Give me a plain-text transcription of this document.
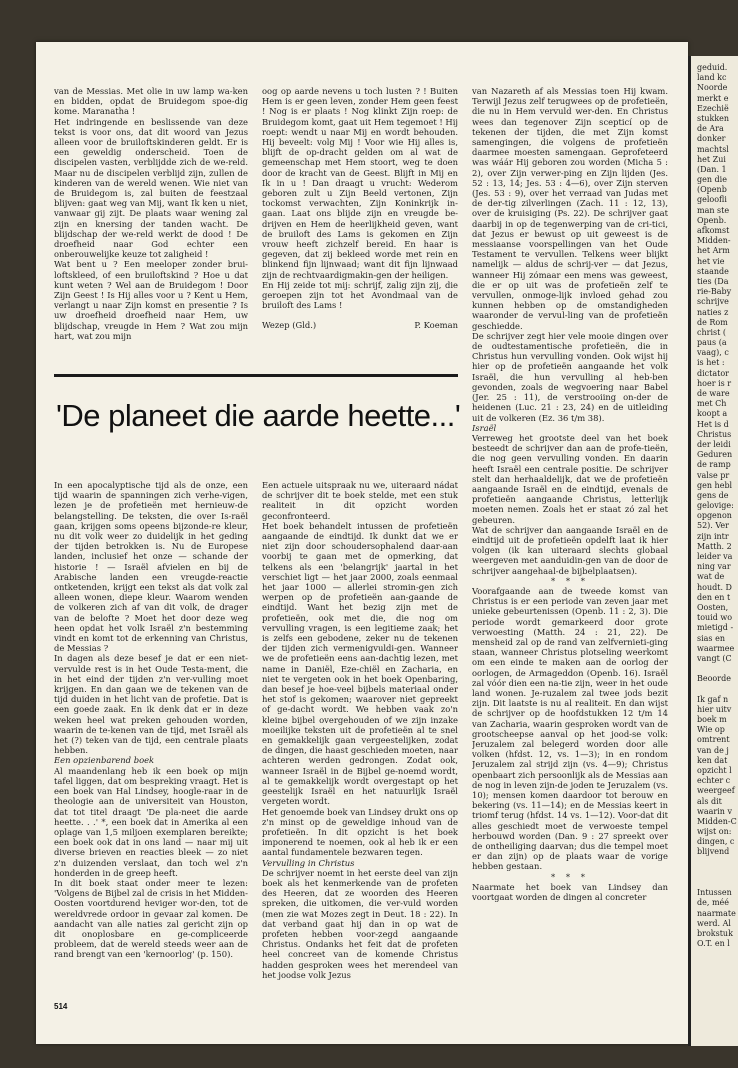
van de Messias. Met olie in uw lamp wa-ken en bidden, opdat de Bruidegom spoe-dig kome. Maranatha !

Het indringende en beslissende van deze tekst is voor ons, dat dit woord van Jezus alleen voor de bruiloftskinderen geldt. Er is een geweldig onderscheid. Toen de discipelen vasten, verblijdde zich de we-reld. Maar nu de discipelen verblijd zijn, zullen de kinderen van de wereld wenen. Wie niet van de Bruidegom is, zal buiten de feestzaal blijven: gaat weg van Mij, want Ik ken u niet, vanwaar gij zijt. De plaats waar wening zal zijn en knersing der tanden wacht. De blijdschap der we-reld werkt de dood ! De droefheid naar God echter een onberouwelijke keuze tot zaligheid !

Wat bent u ? Een meeloper zonder brui-loftskleed, of een bruiloftskind ? Hoe u dat kunt weten ? Wel aan de Bruidegom ! Door Zijn Geest ! Is Hij alles voor u ? Kent u Hem, verlangt u naar Zijn komst en presentie ? Is uw droefheid droefheid naar Hem, uw blijdschap, vreugde in Hem ? Wat zou mijn hart, wat zou mijn

oog op aarde nevens u toch lusten ? ! Buiten Hem is er geen leven, zonder Hem geen feest ! Nog is er plaats ! Nog klinkt Zijn roep: de Bruidegom komt, gaat uit Hem tegemoet ! Hij roept: wendt u naar Mij en wordt behouden. Hij beveelt: volg Mij ! Voor wie Hij alles is, blijft de op-dracht gelden om al wat de gemeenschap met Hem stoort, weg te doen door de kracht van de Geest. Blijft in Mij en Ik in u ! Dan draagt u vrucht: Wederom geboren zult u Zijn Beeld vertonen, Zijn tockomst verwachten, Zijn Koninkrijk in-gaan. Laat ons blijde zijn en vreugde be-drijven en Hem de heerlijkheid geven, want de bruiloft des Lams is gekomen en Zijn vrouw heeft zichzelf bereid. En haar is gegeven, dat zij bekleed worde met rein en blinkend fijn lijnwaad; want dit fijn lijnwaad zijn de rechtvaardigmakin-gen der heiligen.

En Hij zeide tot mij: schrijf, zalig zijn zij, die geroepen zijn tot het Avondmaal van de bruiloft des Lams !

Wezep (Gld.)	P. Koeman
'De planeet die aarde heette...'

In een apocalyptische tijd als de onze, een tijd waarin de spanningen zich verhe-vigen, lezen je de profetieën met hernieuw-de belangstelling. De teksten, die over Is-raël gaan, krijgen soms opeens bijzonde-re kleur, nu dit volk weer zo duidelijk in het geding der tijden betrokken is. Nu de Europese landen, inclusief het onze — schande der historie ! — Israël afvielen en bij de Arabische landen een vreugde-reactie ontketenden, krijgt een tekst als dat volk zal alleen wonen, diepe kleur. Waarom wenden de volkeren zich af van dit volk, de drager van de belofte ? Moet het door deze weg heen opdat het volk Israël z'n bestemming vindt en komt tot de erkenning van Christus, de Messias ?

In dagen als deze besef je dat er een niet-vervulde rest is in het Oude Testa-ment, die in het eind der tijden z'n ver-vulling moet krijgen. En dan gaan we de tekenen van de tijd duiden in het licht van de profetie. Dat is een goede zaak. En ik denk dat er in deze weken heel wat preken gehouden worden, waarin de te-kenen van de tijd, met Israël als het (?) teken van de tijd, een centrale plaats hebben.

Een opzienbarend boek

Al maandenlang heb ik een boek op mijn tafel liggen, dat om bespreking vraagt. Het is een boek van Hal Lindsey, hoogle-raar in de theologie aan de universiteit van Houston, dat tot titel draagt 'De pla-neet die aarde heette. . .' *, een boek dat in Amerika al een oplage van 1,5 miljoen exemplaren bereikte; een boek ook dat in ons land — naar mij uit diverse brieven en reacties bleek — zo niet z'n duizenden verslaat, dan toch wel z'n honderden in de greep heeft.

In dit boek staat onder meer te lezen: 'Volgens de Bijbel zal de crisis in het Midden-Oosten voortdurend heviger wor-den, tot de wereldvrede ordoor in gevaar zal komen. De aandacht van alle naties zal gericht zijn op dit onoplosbare en ge-compliceerde probleem, dat de wereld steeds weer aan de rand brengt van een 'kernoorlog' (p. 150).

Een actuele uitspraak nu we, uiteraard nádat de schrijver dit te boek stelde, met een stuk realiteit in dit opzicht worden geconfronteerd.

Het boek behandelt intussen de profetieën aangaande de eindtijd. Ik dunkt dat we er niet zijn door schoudersophalend daar-aan voorbij te gaan met de opmerking, dat telkens als een 'belangrijk' jaartal in het verschiet ligt — het jaar 2000, zoals eenmaal het jaar 1000 — allerlei stromin-gen zich werpen op de profetieën aan-gaande de eindtijd. Want het bezig zijn met de profetieën, ook met die, die nog om vervulling vragen, is een legitieme zaak; het is zelfs een gebodene, zeker nu de tekenen der tijden zich vermenigvuldi-gen. Wanneer we de profetieën eens aan-dachtig lezen, met name in Daniël, Eze-chiël en Zacharia, en niet te vergeten ook in het boek Openbaring, dan besef je hoe-veel bijbels materiaal onder het stof is gekomen; waarover niet gepreekt of ge-dacht wordt. We hebben vaak zo'n kleine bijbel overgehouden of we zijn inzake moeilijke teksten uit de profetieën al te snel en gemakkelijk gaan vergeestelijken, zodat de dingen, die haast geschieden moeten, naar achteren werden gedrongen. Zodat ook, wanneer Israël in de Bijbel ge-noemd wordt, al te gemakkelijk wordt overgestapt op het geestelijk Israël en het natuurlijk Israël vergeten wordt.

Het genoemde boek van Lindsey drukt ons op z'n minst op de geweldige inhoud van de profetieën. In dit opzicht is het boek imponerend te noemen, ook al heb ik er een aantal fundamentele bezwaren tegen.

Vervulling in Christus

De schrijver noemt in het eerste deel van zijn boek als het kenmerkende van de profeten des Heeren, dat ze woorden des Heeren spreken, die uitkomen, die ver-vuld worden (men zie wat Mozes zegt in Deut. 18 : 22). In dat verband gaat hij dan in op wat de profeten hebben voor-zegd aangaande Christus. Ondanks het feit dat de profeten heel concreet van de komende Christus hadden gesproken wees het merendeel van het joodse volk Jezus

van Nazareth af als Messias toen Hij kwam. Terwijl Jezus zelf terugwees op de profetieën, die nu in Hem vervuld wer-den. En Christus wees dan tegenover Zijn scepticí op de tekenen der tijden, die met Zijn komst samengingen, die volgens de profetieën daarmee moesten samengaan. Geprofeteerd was wáár Hij geboren zou worden (Micha 5 : 2), over Zijn verwer-ping en Zijn lijden (Jes. 52 : 13, 14; Jes. 53 : 4—6), over Zijn sterven (Jes. 53 : 9), over het verraad van Judas met de der-tig zilverlingen (Zach. 11 : 12, 13), over de kruisiging (Ps. 22). De schrijver gaat daarbij in op de tegenwerping van de cri-tici, dat Jezus er bewust op uit geweest is de messiaanse voorspellingen van het Oude Testament te vervullen. Telkens weer blijkt namelijk — aldus de schrij-ver — dat Jezus, wanneer Hij zómaar een mens was geweest, die er op uit was de profetieën zelf te vervullen, onmoge-lijk invloed gehad zou kunnen hebben op de omstandigheden waaronder de vervul-ling van de profetieën geschiedde.

De schrijver zegt hier vele mooie dingen over de oudtestamentische profetieën, die in Christus hun vervulling vonden. Ook wijst hij hier op de profetieën aangaande het volk Israël, die hun vervulling al heb-ben gevonden, zoals de wegvoering naar Babel (Jer. 25 : 11), de verstrooiing on-der de heidenen (Luc. 21 : 23, 24) en de uitleiding uit de volkeren (Ez. 36 t/m 38).

Israël

Verreweg het grootste deel van het boek besteedt de schrijver dan aan de profe-tieën, die nog geen vervulling vonden. En daarin heeft Israël een centrale positie. De schrijver stelt dan herhaaldelijk, dat we de profetieën aangaande Israël en de eindtijd, evenals de profetieën aangaande Christus, letterlijk moeten nemen. Zoals het er staat zó zal het gebeuren.

Wat de schrijver dan aangaande Israël en de eindtijd uit de profetieën opdelft laat ik hier volgen (ik kan uiteraard slechts globaal weergeven met aanduidin-gen van de door de schrijver aangehaal-de bijbelplaatsen).

* * *

Voorafgaande aan de tweede komst van Christus is er een periode van zeven jaar met unieke gebeurtenissen (Openb. 11 : 2, 3). Die periode wordt gemarkeerd door grote verwoesting (Matth. 24 : 21, 22). De mensheid zal op de rand van zelfvernieti-ging staan, wanneer Christus plotseling weerkomt om een einde te maken aan de oorlog der oorlogen, de Armageddon (Openb. 16). Israël zal vóór dien een na-tie zijn, weer in het oude land wonen. Je-ruzalem zal twee jods bezit zijn. Dit laatste is nu al realiteit. En dan wijst de schrijver op de hoofdstukken 12 t/m 14 van Zacharia, waarin gesproken wordt van de grootscheepse aanval op het jood-se volk: Jeruzalem zal belegerd worden door alle volken (hfdst. 12, vs. 1—3); in en rondom Jeruzalem zal strijd zijn (vs. 4—9); Christus openbaart zich persoonlijk als de Messias aan de nog in leven zijn-de joden te Jeruzalem (vs. 10); mensen komen daardoor tot berouw en bekering (vs. 11—14); en de Messias keert in triomf terug (hfdst. 14 vs. 1—12). Voor-dat dit alles geschiedt moet de verwoeste tempel herbouwd worden (Dan. 9 : 27 spreekt over de ontheiliging daarvan; dus die tempel moet er dan zijn) op de plaats waar de vorige hebben gestaan.

* * *

Naarmate het boek van Lindsey dan voortgaat worden de dingen al concreter

514
geduid.
land kc
Noorde
merkt e
Ezechië
stukken
de Ara
donker
machtsl
het Zui
(Dan. 1
gen die
(Openb
geloofli
man ste
Openb.
afkomst
Midden-
het Arm
het vie
staande
ties (Da
rie-Baby
schrijve
naties z
de Rom
christ (
paus (a
vaag), c
is het :
dictator
hoer is r
de ware
met Ch
koopt a
Het is d
Christus
der leidi
Geduren
de ramp
valse pr
gen hebl
gens de
gelovige:
opgenon
52). Ver
zijn intr
Matth. 2
leider va
ning var
wat de
houdt. D
den en t
Oosten,
touid wo
mietigd -
sias en
waarmee
vangt (C
Beoorde
Ik gaf n
hier uitv
boek m
Wie op
omtrent
van de j
ken dat
opzicht l
echter c
weergeef
als dit
waarin v
Midden-C
wijst on:
dingen, c
blijvend
Intussen
de, méé
naarmate
werd. Al
brokstuk
O.T. en l
